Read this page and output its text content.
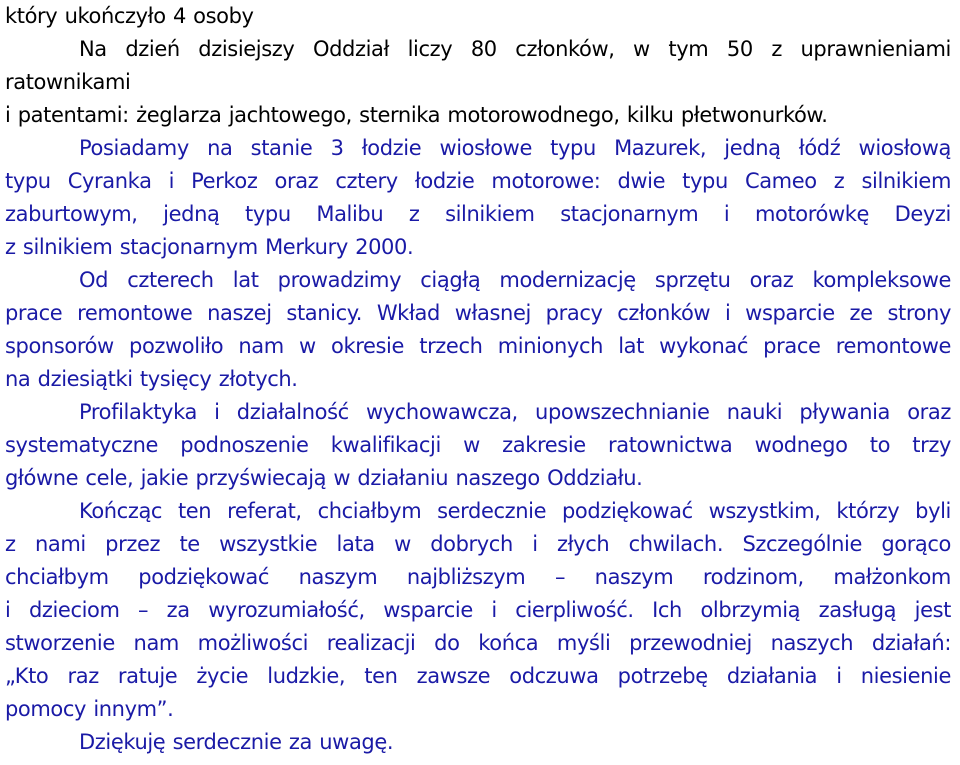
który ukończyło 4 osoby
Na dzień dzisiejszy Oddział liczy 80 członków, w tym 50 z uprawnieniami
ratownikami
i patentami: żeglarza jachtowego, sternika motorowodnego, kilku płetwonurków.
Posiadamy na stanie 3 łodzie wiosłowe typu Mazurek, jedną łódź wiosłową
typu Cyranka i Perkoz oraz cztery łodzie motorowe: dwie typu Cameo z silnikiem
zaburtowym, jedną typu Malibu z silnikiem stacjonarnym i motorówkę Deyzi
z silnikiem stacjonarnym Merkury 2000.
Od czterech lat prowadzimy ciągłą modernizację sprzętu oraz kompleksowe
prace remontowe naszej stanicy. Wkład własnej pracy członków i wsparcie ze strony
sponsorów pozwoliło nam w okresie trzech minionych lat wykonać prace remontowe
na dziesiątki tysięcy złotych.
Profilaktyka i działalność wychowawcza, upowszechnianie nauki pływania oraz
systematyczne podnoszenie kwalifikacji w zakresie ratownictwa wodnego to trzy
główne cele, jakie przyświecają w działaniu naszego Oddziału.
Kończąc ten referat, chciałbym serdecznie podziękować wszystkim, którzy byli
z nami przez te wszystkie lata w dobrych i złych chwilach. Szczególnie gorąco
chciałbym podziękować naszym najbliższym – naszym rodzinom, małżonkom
i dzieciom – za wyrozumiałość, wsparcie i cierpliwość. Ich olbrzymią zasługą jest
stworzenie nam możliwości realizacji do końca myśli przewodniej naszych działań:
„Kto raz ratuje życie ludzkie, ten zawsze odczuwa potrzebę działania i niesienie
pomocy innym”.
Dziękuję serdecznie za uwagę.
